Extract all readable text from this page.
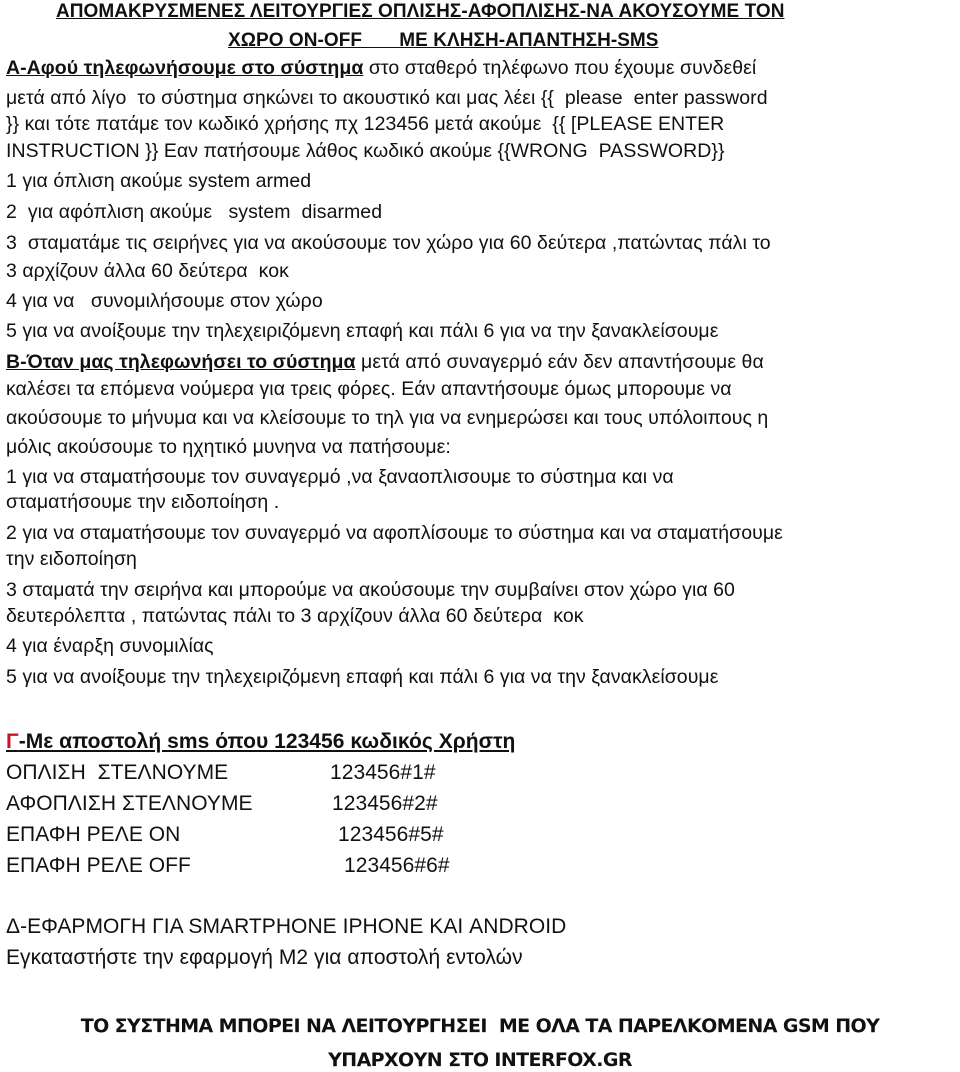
ΑΠΟΜΑΚΡΥΣΜΕΝΕΣ ΛΕΙΤΟΥΡΓΙΕΣ ΟΠΛΙΣΗΣ-ΑΦΟΠΛΙΣΗΣ-ΝΑ ΑΚΟΥΣΟΥΜΕ ΤΟΝ
ΧΩΡΟ ON-OFF       ΜΕ ΚΛΗΣΗ-ΑΠΑΝΤΗΣΗ-SMS
Α-Αφού τηλεφωνήσουμε στο σύστημα στο σταθερό τηλέφωνο που έχουμε συνδεθεί
μετά από λίγο  το σύστημα σηκώνει το ακουστικό και μας λέει {{  please  enter password
}} και τότε πατάμε τον κωδικό χρήσης πχ 123456 μετά ακούμε  {{ [PLEASE ENTER
INSTRUCTION }} Εαν πατήσουμε λάθος κωδικό ακούμε {{WRONG  PASSWORD}}
1 για όπλιση ακούμε system armed
2  για αφόπλιση ακούμε   system  disarmed
3  σταματάμε τις σειρήνες για να ακούσουμε τον χώρο για 60 δεύτερα ,πατώντας πάλι το
3 αρχίζουν άλλα 60 δεύτερα  κοκ
4 για να   συνομιλήσουμε στον χώρο
5 για να ανοίξουμε την τηλεχειριζόμενη επαφή και πάλι 6 για να την ξανακλείσουμε
Β-Όταν μας τηλεφωνήσει το σύστημα μετά από συναγερμό εάν δεν απαντήσουμε θα
καλέσει τα επόμενα νούμερα για τρεις φόρες. Εάν απαντήσουμε όμως μπορουμε να
ακούσουμε το μήνυμα και να κλείσουμε το τηλ για να ενημερώσει και τους υπόλοιπους η
μόλις ακούσουμε το ηχητικό μυνηνα να πατήσουμε:
1 για να σταματήσουμε τον συναγερμό ,να ξαναοπλισουμε το σύστημα και να
σταματήσουμε την ειδοποίηση .
2 για να σταματήσουμε τον συναγερμό να αφοπλίσουμε το σύστημα και να σταματήσουμε
την ειδοποίηση
3 σταματά την σειρήνα και μπορούμε να ακούσουμε την συμβαίνει στον χώρο για 60
δευτερόλεπτα , πατώντας πάλι το 3 αρχίζουν άλλα 60 δεύτερα  κοκ
4 για έναρξη συνομιλίας
5 για να ανοίξουμε την τηλεχειριζόμενη επαφή και πάλι 6 για να την ξανακλείσουμε
Γ-Με αποστολή sms όπου 123456 κωδικός Χρήστη
ΟΠΛΙΣΗ  ΣΤΕΛΝΟΥΜΕ	123456#1#
ΑΦΟΠΛΙΣΗ ΣΤΕΛΝΟΥΜΕ	123456#2#
ΕΠΑΦΗ ΡΕΛΕ ΟΝ	123456#5#
ΕΠΑΦΗ ΡΕΛΕ OFF	123456#6#
Δ-ΕΦΑΡΜΟΓΗ ΓΙΑ SMARTPHONE IPHONE ΚΑΙ ANDROID
Εγκαταστήστε την εφαρμογή Μ2 για αποστολή εντολών
ΤΟ ΣΥΣΤΗΜΑ ΜΠΟΡΕΙ ΝΑ ΛΕΙΤΟΥΡΓΗΣΕΙ  ΜΕ ΟΛΑ ΤΑ ΠΑΡΕΛΚΟΜΕΝΑ GSM ΠΟΥ
ΥΠΑΡΧΟΥΝ ΣΤΟ INTERFOX.GR
